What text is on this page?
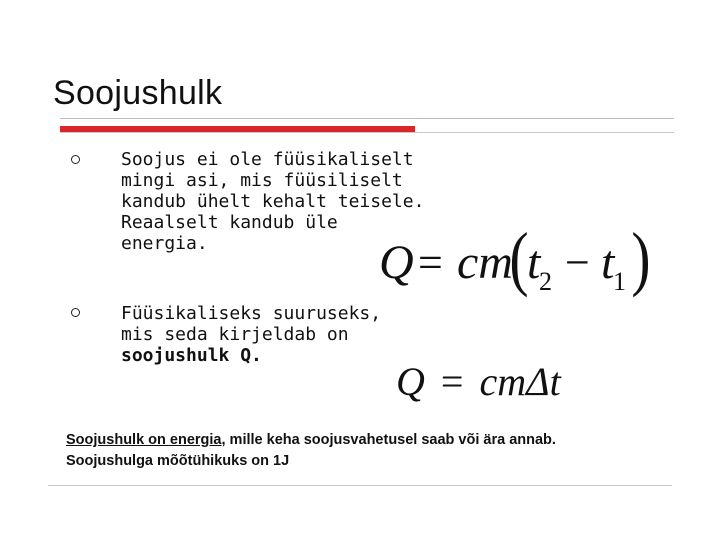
Soojushulk
Soojus ei ole füüsikaliselt
mingi asi, mis füüsiliselt
kandub ühelt kehalt teisele.
Reaalselt kandub üle
energia.
Füüsikaliseks suuruseks,
mis seda kirjeldab on
soojushulk Q.
Q = cm
(
t
2 − t
1 )
Q = cmΔt
Soojushulk on energia, mille keha soojusvahetusel saab või ära annab.
Soojushulga mõõtühikuks on 1J
